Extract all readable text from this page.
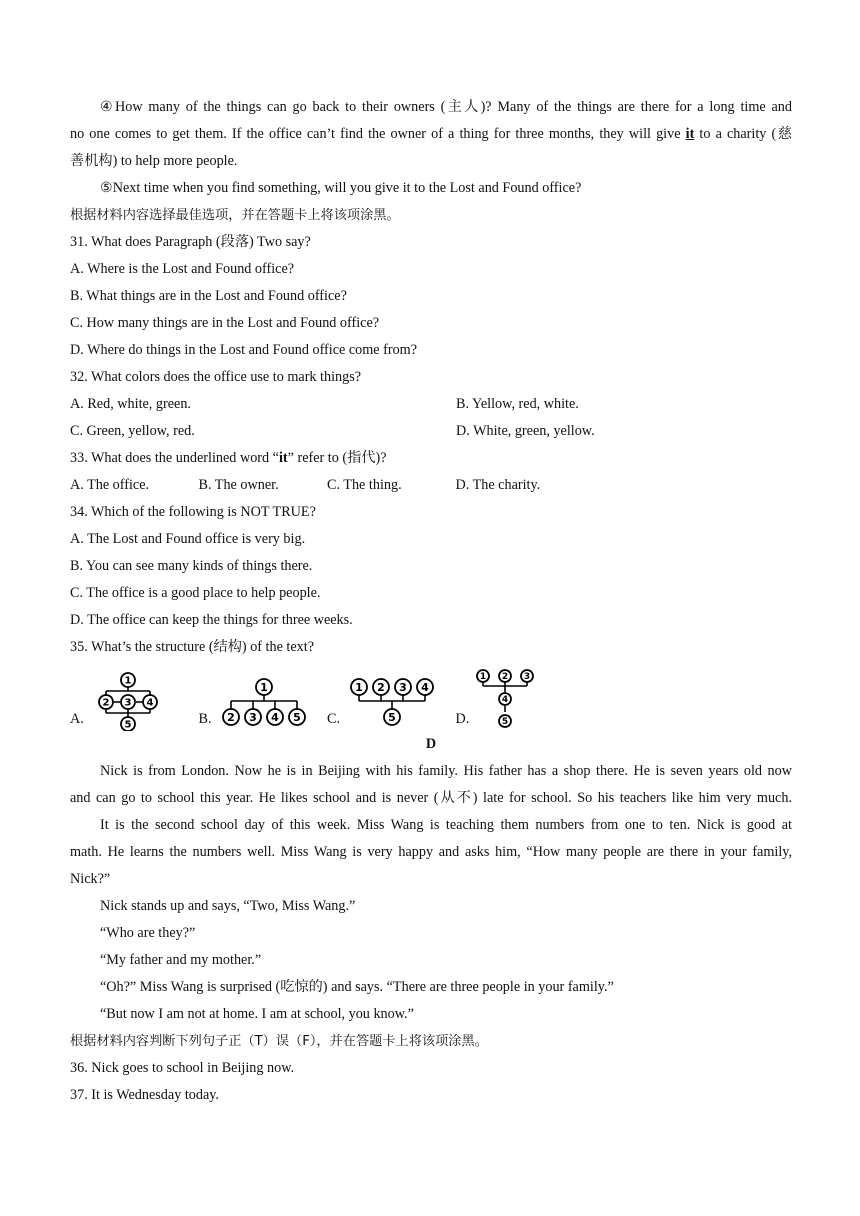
④How many of the things can go back to their owners (主人)? Many of the things are there for a long time and
no one comes to get them. If the office can’t find the owner of a thing for three months, they will give it to a charity (慈
善机构) to help more people.
⑤Next time when you find something, will you give it to the Lost and Found office?
根据材料内容选择最佳选项，并在答题卡上将该项涂黑。
31. What does Paragraph (段落) Two say?
A. Where is the Lost and Found office?
B. What things are in the Lost and Found office?
C. How many things are in the Lost and Found office?
D. Where do things in the Lost and Found office come from?
32. What colors does the office use to mark things?
A. Red, white, green.	B. Yellow, red, white.
C. Green, yellow, red.	D. White, green, yellow.
33. What does the underlined word “it” refer to (指代)?
A. The office.	B. The owner.	C. The thing.	D. The charity.
34. Which of the following is NOT TRUE?
A. The Lost and Found office is very big.
B. You can see many kinds of things there.
C. The office is a good place to help people.
D. The office can keep the things for three weeks.
35. What’s the structure (结构) of the text?
A.
1
2 3 4
5	B.
1
2 3 4 5 C.
1 2 3 4
5	D.
1 2 3
4
5
D
Nick is from London. Now he is in Beijing with his family. His father has a shop there. He is seven years old now
and can go to school this year. He likes school and is never (从不) late for school. So his teachers like him very much.
It is the second school day of this week. Miss Wang is teaching them numbers from one to ten. Nick is good at
math. He learns the numbers well. Miss Wang is very happy and asks him, “How many people are there in your family,
Nick?”
Nick stands up and says, “Two, Miss Wang.”
“Who are they?”
“My father and my mother.”
“Oh?” Miss Wang is surprised (吃惊的) and says. “There are three people in your family.”
“But now I am not at home. I am at school, you know.”
根据材料内容判断下列句子正（T）误（F），并在答题卡上将该项涂黑。
36. Nick goes to school in Beijing now.
37. It is Wednesday today.
